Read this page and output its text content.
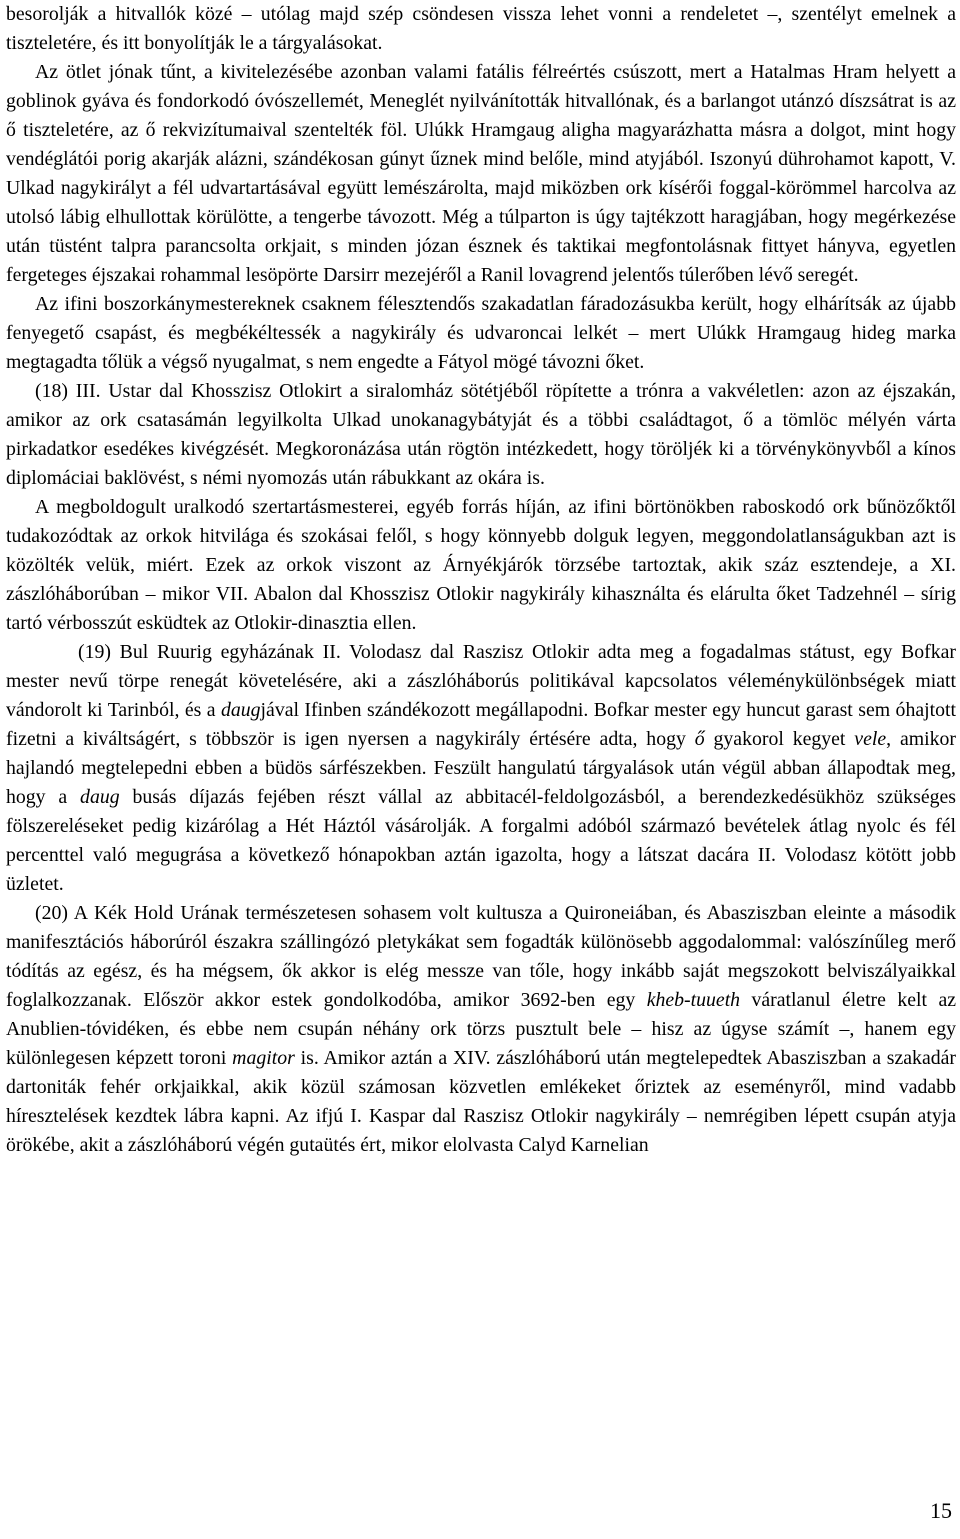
besorolják a hitvallók közé – utólag majd szép csöndesen vissza lehet vonni a rendeletet –, szentélyt emelnek a tiszteletére, és itt bonyolítják le a tárgyalásokat.

Az ötlet jónak tűnt, a kivitelezésébe azonban valami fatális félreértés csúszott, mert a Hatalmas Hram helyett a goblinok gyáva és fondorkodó óvószellemét, Meneglét nyilvánították hitvallónak, és a barlangot utánzó díszsátrat is az ő tiszteletére, az ő rekvizítumaival szentelték föl. Ulúkk Hramgaug aligha magyarázhatta másra a dolgot, mint hogy vendéglátói porig akarják alázni, szándékosan gúnyt űznek mind belőle, mind atyjából. Iszonyú dührohamot kapott, V. Ulkad nagykirályt a fél udvartartásával együtt lemészárolta, majd miközben ork kísérői foggal-körömmel harcolva az utolsó lábig elhullottak körülötte, a tengerbe távozott. Még a túlparton is úgy tajtékzott haragjában, hogy megérkezése után tüstént talpra parancsolta orkjait, s minden józan észnek és taktikai megfontolásnak fittyet hányva, egyetlen fergeteges éjszakai rohammal lesöpörte Darsirr mezejéről a Ranil lovagrend jelentős túlerőben lévő seregét.

Az ifini boszorkánymestereknek csaknem félesztendős szakadatlan fáradozásukba került, hogy elhárítsák az újabb fenyegető csapást, és megbékéltessék a nagykirály és udvaroncai lelkét – mert Ulúkk Hramgaug hideg marka megtagadta tőlük a végső nyugalmat, s nem engedte a Fátyol mögé távozni őket.

(18) III. Ustar dal Khosszisz Otlokirt a siralomház sötétjéből röpítette a trónra a vakvéletlen: azon az éjszakán, amikor az ork csatasámán legyilkolta Ulkad unokanagybátyját és a többi családtagot, ő a tömlöc mélyén várta pirkadatkor esedékes kivégzését. Megkoronázása után rögtön intézkedett, hogy töröljék ki a törvénykönyvből a kínos diplomáciai baklövést, s némi nyomozás után rábukkant az okára is.

A megboldogult uralkodó szertartásmesterei, egyéb forrás híján, az ifini börtönökben raboskodó ork bűnözőktől tudakozódtak az orkok hitvilága és szokásai felől, s hogy könnyebb dolguk legyen, meggondolatlanságukban azt is közölték velük, miért. Ezek az orkok viszont az Árnyékjárók törzsébe tartoztak, akik száz esztendeje, a XI. zászlóháborúban – mikor VII. Abalon dal Khosszisz Otlokir nagykirály kihasználta és elárulta őket Tadzehnél – sírig tartó vérbosszút esküdtek az Otlokir-dinasztia ellen.

(19) Bul Ruurig egyházának II. Volodasz dal Raszisz Otlokir adta meg a fogadalmas státust, egy Bofkar mester nevű törpe renegát követelésére, aki a zászlóháborús politikával kapcsolatos véleménykülönbségek miatt vándorolt ki Tarinból, és a daugjával Ifinben szándékozott megállapodni. Bofkar mester egy huncut garast sem óhajtott fizetni a kiváltságért, s többször is igen nyersen a nagykirály értésére adta, hogy ő gyakorol kegyet vele, amikor hajlandó megtelepedni ebben a büdös sárfészekben. Feszült hangulatú tárgyalások után végül abban állapodtak meg, hogy a daug busás díjazás fejében részt vállal az abbitacél-feldolgozásból, a berendezkedésükhöz szükséges fölszereléseket pedig kizárólag a Hét Háztól vásárolják. A forgalmi adóból származó bevételek átlag nyolc és fél percenttel való megugrása a következő hónapokban aztán igazolta, hogy a látszat dacára II. Volodasz kötött jobb üzletet.

(20) A Kék Hold Urának természetesen sohasem volt kultusza a Quironeiában, és Abasziszban eleinte a második manifesztációs háborúról északra szállingózó pletykákat sem fogadták különösebb aggodalommal: valószínűleg merő tódítás az egész, és ha mégsem, ők akkor is elég messze van tőle, hogy inkább saját megszokott belviszályaikkal foglalkozzanak. Először akkor estek gondolkodóba, amikor 3692-ben egy kheb-tuueth váratlanul életre kelt az Anublien-tóvidéken, és ebbe nem csupán néhány ork törzs pusztult bele – hisz az úgyse számít –, hanem egy különlegesen képzett toroni magitor is. Amikor aztán a XIV. zászlóháború után megtelepedtek Abasziszban a szakadár dartoniták fehér orkjaikkal, akik közül számosan közvetlen emlékeket őriztek az eseményről, mind vadabb híresztelések kezdtek lábra kapni. Az ifjú I. Kaspar dal Raszisz Otlokir nagykirály – nemrégiben lépett csupán atyja örökébe, akit a zászlóháború végén gutaütés ért, mikor elolvasta Calyd Karnelian

15
